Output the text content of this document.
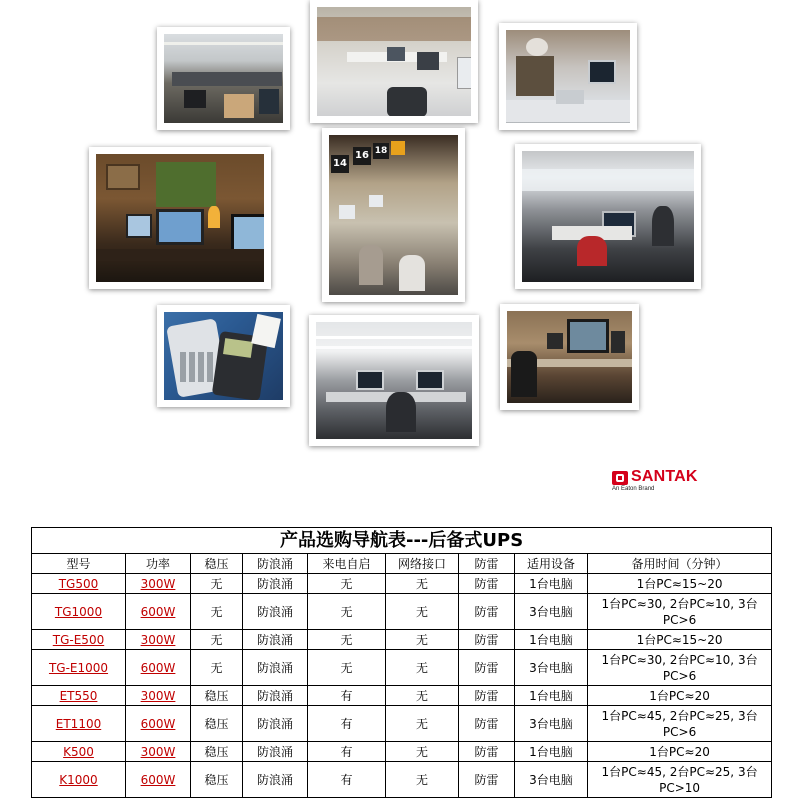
14
16 18
SANTAK
An Eaton Brand
产品选购导航表---后备式UPS								
型号	功率	稳压	防浪涌	来电自启	网络接口	防雷	适用设备	备用时间（分钟）
TG500	300W	无	防浪涌	无	无	防雷	1台电脑	1台PC≈15~20
TG1000	600W	无	防浪涌	无	无	防雷	3台电脑	1台PC≈30, 2台PC≈10, 3台PC>6
TG-E500	300W	无	防浪涌	无	无	防雷	1台电脑	1台PC≈15~20
TG-E1000	600W	无	防浪涌	无	无	防雷	3台电脑	1台PC≈30, 2台PC≈10, 3台PC>6
ET550	300W	稳压	防浪涌	有	无	防雷	1台电脑	1台PC≈20
ET1100	600W	稳压	防浪涌	有	无	防雷	3台电脑	1台PC≈45, 2台PC≈25, 3台PC>6
K500	300W	稳压	防浪涌	有	无	防雷	1台电脑	1台PC≈20
K1000	600W	稳压	防浪涌	有	无	防雷	3台电脑	1台PC≈45, 2台PC≈25, 3台PC>10
